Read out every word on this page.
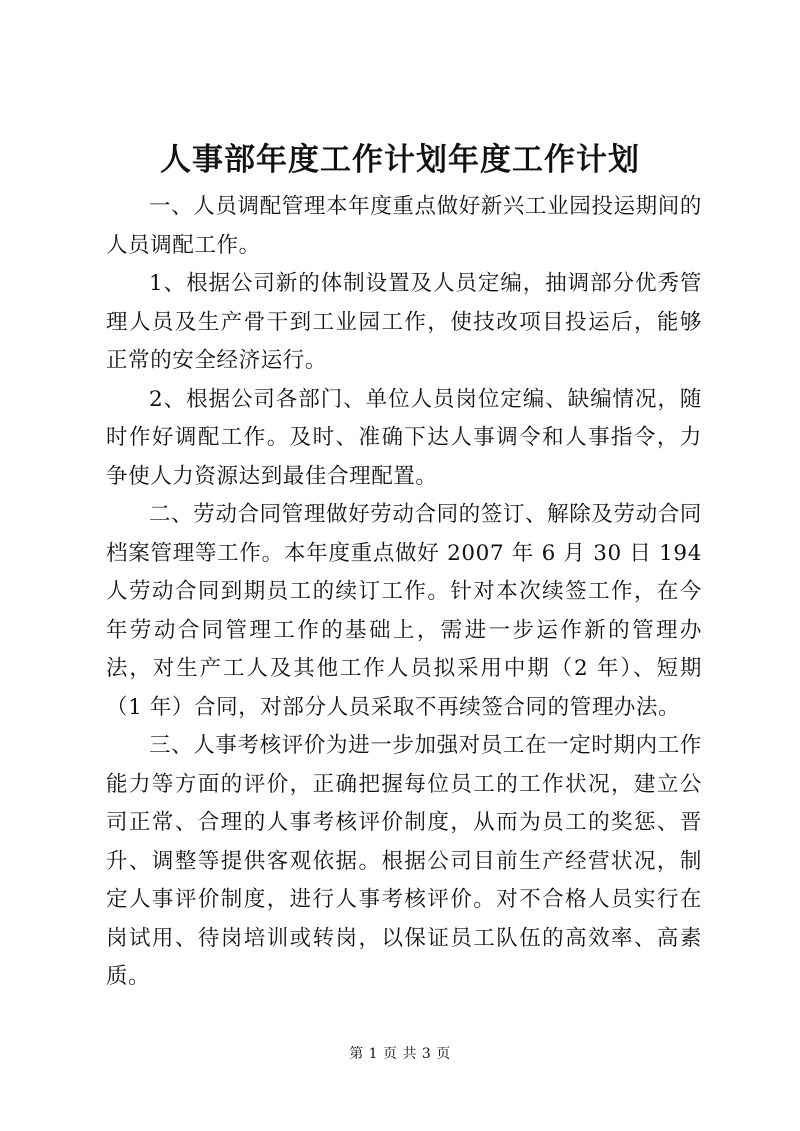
人事部年度工作计划年度工作计划

一、人员调配管理本年度重点做好新兴工业园投运期间的人员调配工作。

1、根据公司新的体制设置及人员定编，抽调部分优秀管理人员及生产骨干到工业园工作，使技改项目投运后，能够正常的安全经济运行。

2、根据公司各部门、单位人员岗位定编、缺编情况，随时作好调配工作。及时、准确下达人事调令和人事指令，力争使人力资源达到最佳合理配置。

二、劳动合同管理做好劳动合同的签订、解除及劳动合同档案管理等工作。本年度重点做好 2007 年 6 月 30 日 194 人劳动合同到期员工的续订工作。针对本次续签工作，在今年劳动合同管理工作的基础上，需进一步运作新的管理办法，对生产工人及其他工作人员拟采用中期（2 年）、短期（1 年）合同，对部分人员采取不再续签合同的管理办法。

三、人事考核评价为进一步加强对员工在一定时期内工作能力等方面的评价，正确把握每位员工的工作状况，建立公司正常、合理的人事考核评价制度，从而为员工的奖惩、晋升、调整等提供客观依据。根据公司目前生产经营状况，制定人事评价制度，进行人事考核评价。对不合格人员实行在岗试用、待岗培训或转岗，以保证员工队伍的高效率、高素质。

第 1 页 共 3 页
